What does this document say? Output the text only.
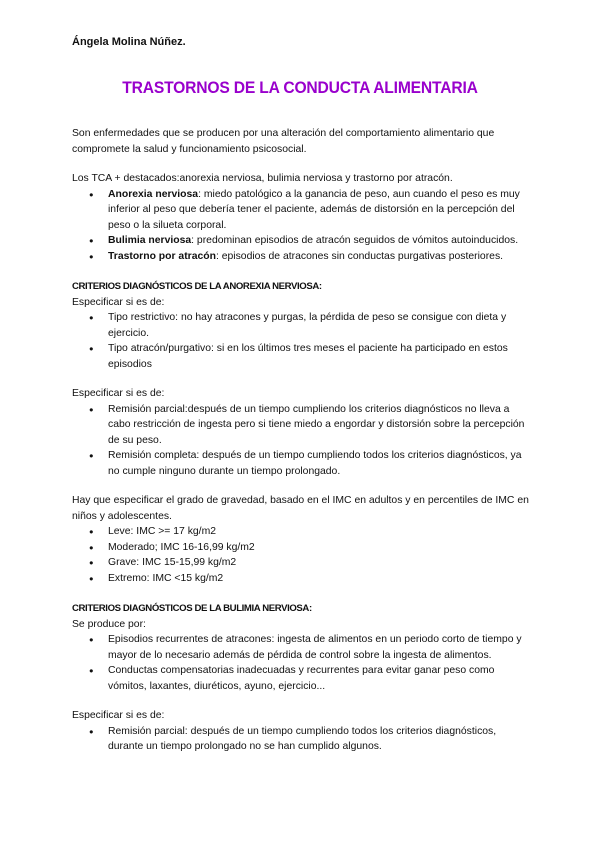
Ángela Molina Núñez.
TRASTORNOS DE LA CONDUCTA ALIMENTARIA

Son enfermedades que se producen por una alteración del comportamiento alimentario que compromete la salud y funcionamiento psicosocial.

Los TCA + destacados:anorexia nerviosa, bulimia nerviosa y trastorno por atracón.

● Anorexia nerviosa: miedo patológico a la ganancia de peso, aun cuando el peso es muy inferior al peso que debería tener el paciente, además de distorsión en la percepción del peso o la silueta corporal.
● Bulimia nerviosa: predominan episodios de atracón seguidos de vómitos autoinducidos.
● Trastorno por atracón: episodios de atracones sin conductas purgativas posteriores.

CRITERIOS DIAGNÓSTICOS DE LA ANOREXIA NERVIOSA:

Especificar si es de:

● Tipo restrictivo: no hay atracones y purgas, la pérdida de peso se consigue con dieta y ejercicio.
● Tipo atracón/purgativo: si en los últimos tres meses el paciente ha participado en estos episodios

Especificar si es de:

● Remisión parcial:después de un tiempo cumpliendo los criterios diagnósticos no lleva a cabo restricción de ingesta pero si tiene miedo a engordar y distorsión sobre la percepción de su peso.
● Remisión completa: después de un tiempo cumpliendo todos los criterios diagnósticos, ya no cumple ninguno durante un tiempo prolongado.

Hay que especificar el grado de gravedad, basado en el IMC en adultos y en percentiles de IMC en niños y adolescentes.

● Leve: IMC >= 17 kg/m2
● Moderado; IMC 16-16,99 kg/m2
● Grave: IMC 15-15,99 kg/m2
● Extremo: IMC <15 kg/m2

CRITERIOS DIAGNÓSTICOS DE LA BULIMIA NERVIOSA:

Se produce por:

● Episodios recurrentes de atracones: ingesta de alimentos en un periodo corto de tiempo y mayor de lo necesario además de pérdida de control sobre la ingesta de alimentos.
● Conductas compensatorias inadecuadas y recurrentes para evitar ganar peso como vómitos, laxantes, diuréticos, ayuno, ejercicio...

Especificar si es de:

● Remisión parcial: después de un tiempo cumpliendo todos los criterios diagnósticos, durante un tiempo prolongado no se han cumplido algunos.
